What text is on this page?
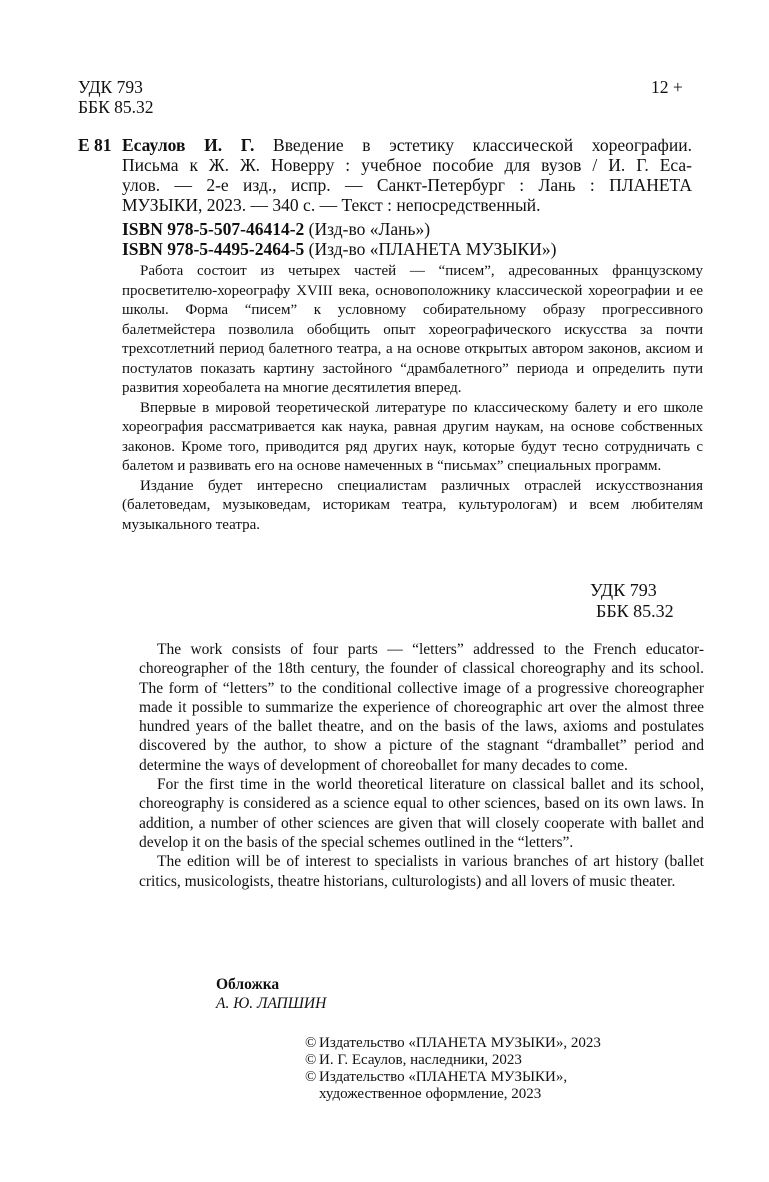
УДК 793
ББК 85.32
12 +
Е 81 Есаулов И. Г. Введение в эстетику классической хореографии.
Письма к Ж. Ж. Новерру : учебное пособие для вузов / И. Г. Еса-
улов. — 2-е изд., испр. — Санкт-Петербург : Лань : ПЛАНЕТА
МУЗЫКИ, 2023. — 340 с. — Текст : непосредственный.
ISBN 978-5-507-46414-2 (Изд-во «Лань»)
ISBN 978-5-4495-2464-5 (Изд-во «ПЛАНЕТА МУЗЫКИ»)

Работа состоит из четырех частей — “писем”, адресованных французскому просветителю-хореографу XVIII века, основоположнику классической хореографии и ее школы. Форма “писем” к условному собирательному образу прогрессивного балетмейстера позволила обобщить опыт хореографического искусства за почти трехсотлетний период балетного театра, а на основе открытых автором законов, аксиом и постулатов показать картину застойного “драмбалетного” периода и определить пути развития хореобалета на многие десятилетия вперед.

Впервые в мировой теоретической литературе по классическому балету и его школе хореография рассматривается как наука, равная другим наукам, на основе собственных законов. Кроме того, приводится ряд других наук, которые будут тесно сотрудничать с балетом и развивать его на основе намеченных в “письмах” специальных программ.

Издание будет интересно специалистам различных отраслей искусствознания (балетоведам, музыковедам, историкам театра, культурологам) и всем любителям музыкального театра.

УДК 793
ББК 85.32

The work consists of four parts — “letters” addressed to the French educator-choreographer of the 18th century, the founder of classical choreography and its school. The form of “letters” to the conditional collective image of a progressive choreographer made it possible to summarize the experience of choreographic art over the almost three hundred years of the ballet theatre, and on the basis of the laws, axioms and postulates discovered by the author, to show a picture of the stagnant “dramballet” period and determine the ways of development of choreoballet for many decades to come.

For the first time in the world theoretical literature on classical ballet and its school, choreography is considered as a science equal to other sciences, based on its own laws. In addition, a number of other sciences are given that will closely cooperate with ballet and develop it on the basis of the special schemes outlined in the “letters”.

The edition will be of interest to specialists in various branches of art history (ballet critics, musicologists, theatre historians, culturologists) and all lovers of music theater.

Обложка
А. Ю. ЛАПШИН
© Издательство «ПЛАНЕТА МУЗЫКИ», 2023
© И. Г. Есаулов, наследники, 2023
© Издательство «ПЛАНЕТА МУЗЫКИ», художественное оформление, 2023
